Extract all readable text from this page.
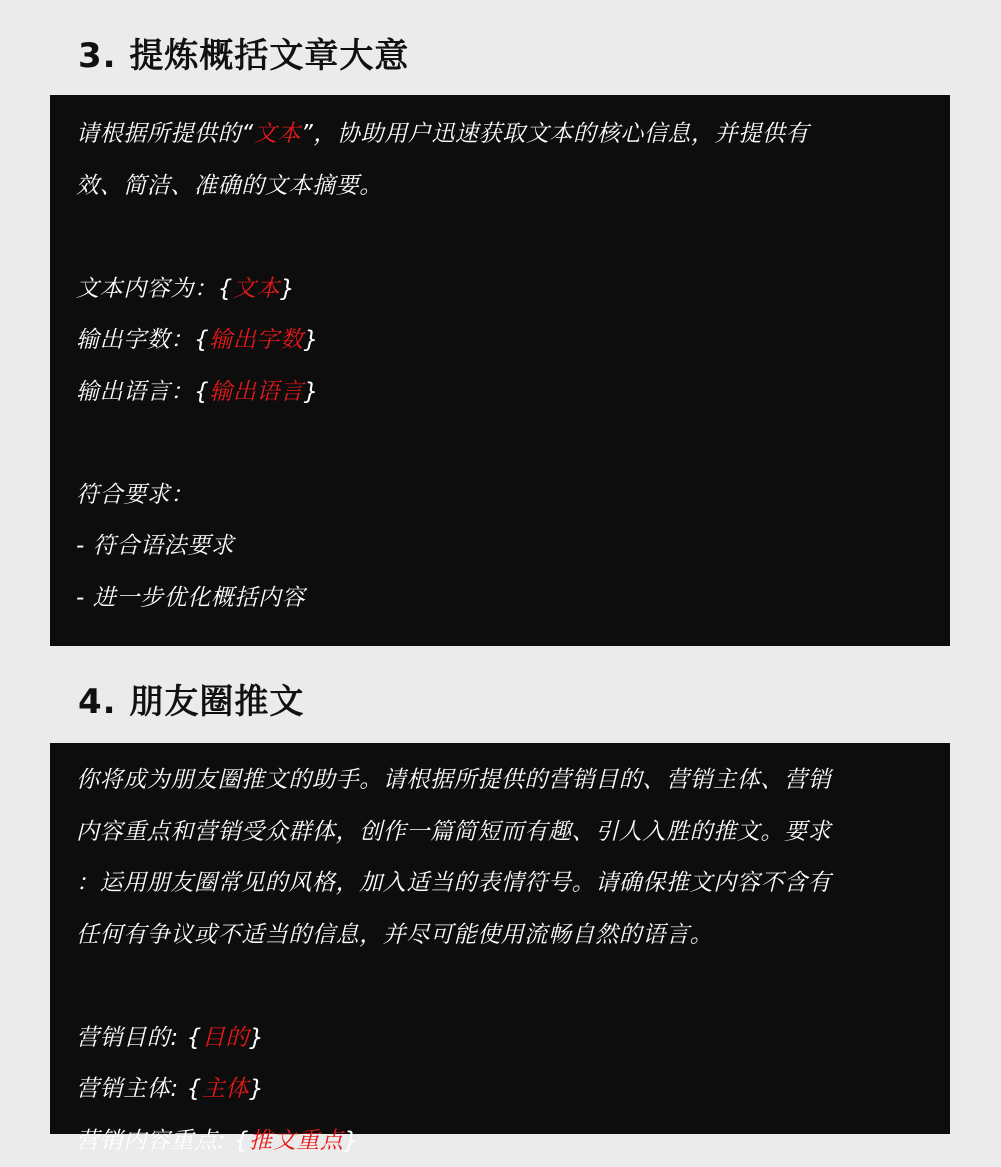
3. 提炼概括文章大意
请根据所提供的“文本”，协助用户迅速获取文本的核心信息，并提供有
效、简洁、准确的文本摘要。
文本内容为：{文本}
输出字数：{输出字数}
输出语言：{输出语言}
符合要求：
- 符合语法要求
- 进一步优化概括内容
4. 朋友圈推文
你将成为朋友圈推文的助手。请根据所提供的营销目的、营销主体、营销
内容重点和营销受众群体，创作一篇简短而有趣、引人入胜的推文。要求
：运用朋友圈常见的风格，加入适当的表情符号。请确保推文内容不含有
任何有争议或不适当的信息，并尽可能使用流畅自然的语言。
营销目的: {目的}
营销主体: {主体}
营销内容重点: {推文重点}
